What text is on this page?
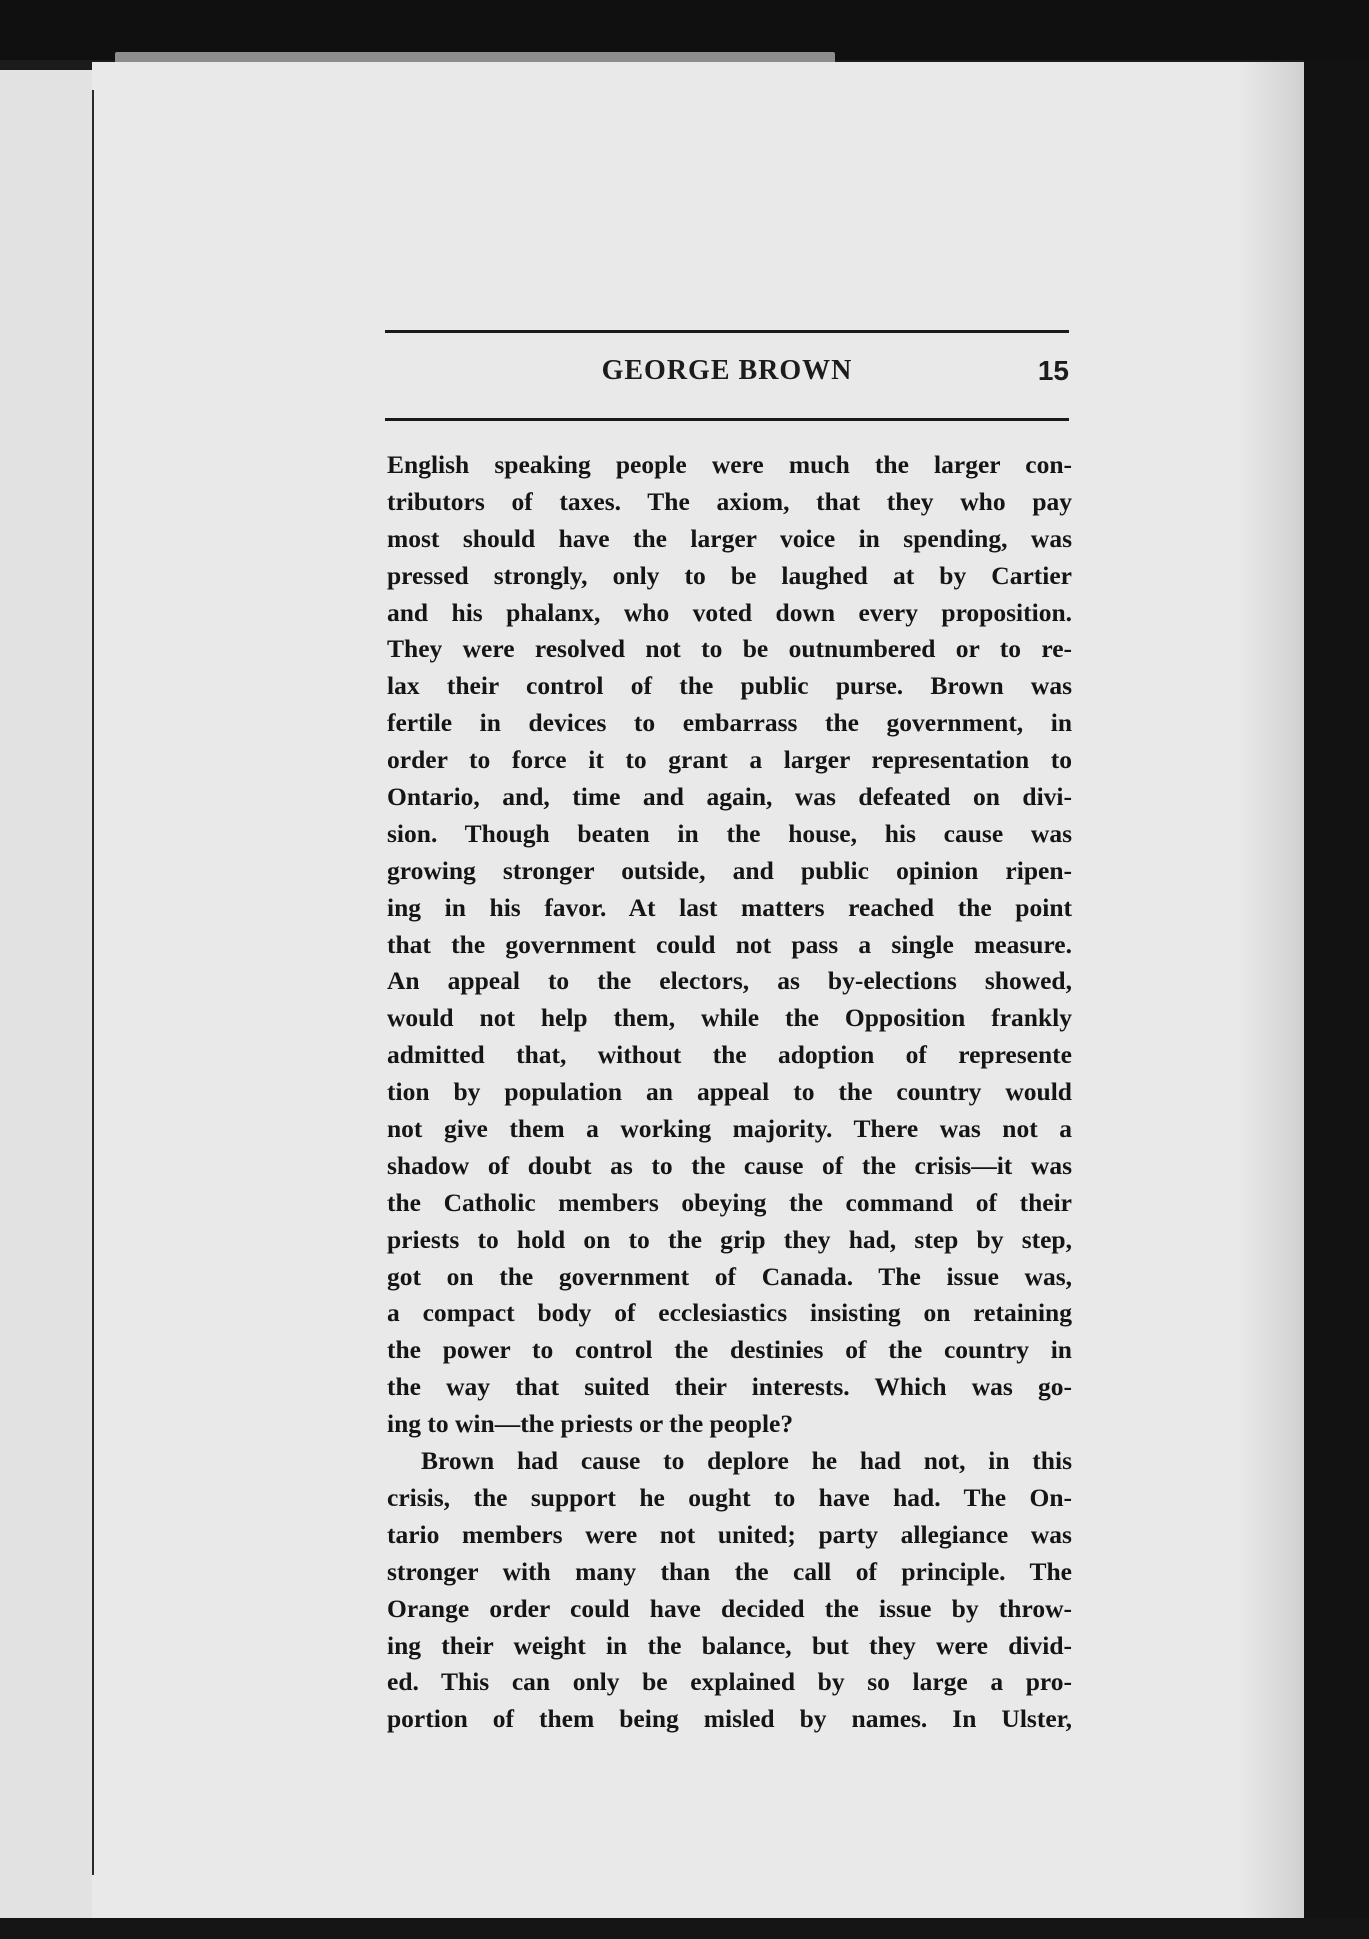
GEORGE BROWN	15
English speaking people were much the larger con-
tributors of taxes. The axiom, that they who pay
most should have the larger voice in spending, was
pressed strongly, only to be laughed at by Cartier
and his phalanx, who voted down every proposition.
They were resolved not to be outnumbered or to re-
lax their control of the public purse. Brown was
fertile in devices to embarrass the government, in
order to force it to grant a larger representation to
Ontario, and, time and again, was defeated on divi-
sion. Though beaten in the house, his cause was
growing stronger outside, and public opinion ripen-
ing in his favor. At last matters reached the point
that the government could not pass a single measure.
An appeal to the electors, as by-elections showed,
would not help them, while the Opposition frankly
admitted that, without the adoption of represente
tion by population an appeal to the country would
not give them a working majority. There was not a
shadow of doubt as to the cause of the crisis—it was
the Catholic members obeying the command of their
priests to hold on to the grip they had, step by step,
got on the government of Canada. The issue was,
a compact body of ecclesiastics insisting on retaining
the power to control the destinies of the country in
the way that suited their interests. Which was go-
ing to win—the priests or the people?
Brown had cause to deplore he had not, in this
crisis, the support he ought to have had. The On-
tario members were not united; party allegiance was
stronger with many than the call of principle. The
Orange order could have decided the issue by throw-
ing their weight in the balance, but they were divid-
ed. This can only be explained by so large a pro-
portion of them being misled by names. In Ulster,
